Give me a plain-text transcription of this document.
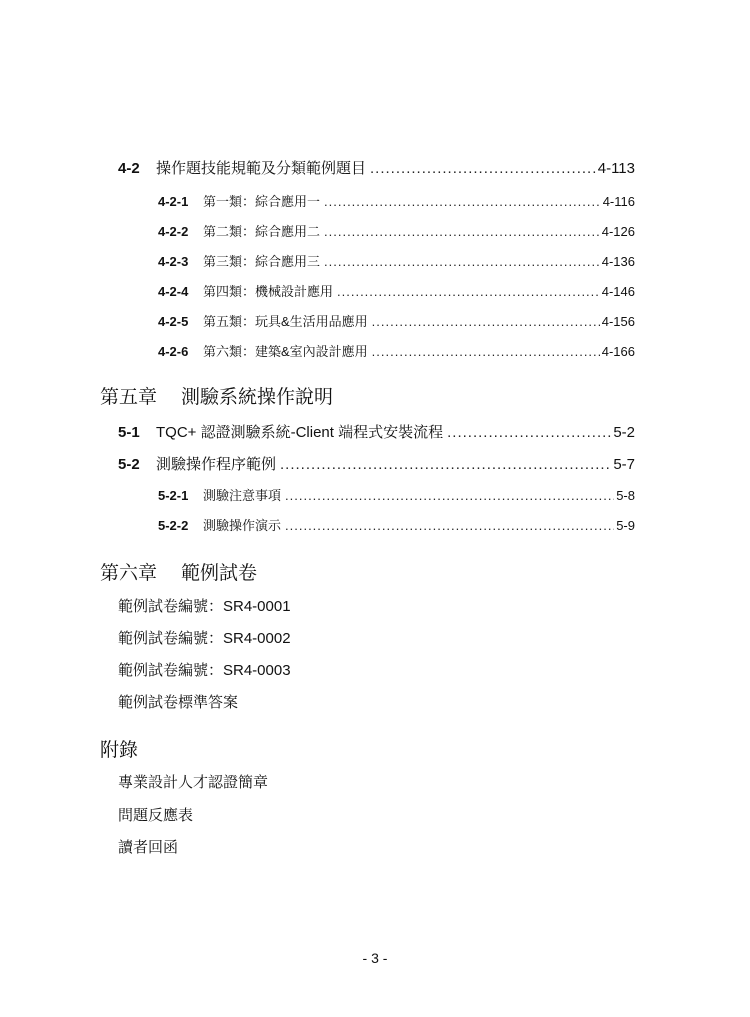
4-2	操作題技能規範及分類範例題目 .....	4-113
4-2-1	第一類：綜合應用一 .....	4-116
4-2-2	第二類：綜合應用二 .....	4-126
4-2-3	第三類：綜合應用三 .....	4-136
4-2-4	第四類：機械設計應用 .....	4-146
4-2-5	第五類：玩具&生活用品應用 .....	4-156
4-2-6	第六類：建築&室內設計應用 .....	4-166
第五章 測驗系統操作說明
5-1	TQC+ 認證測驗系統-Client 端程式安裝流程 .....	5-2
5-2	測驗操作程序範例 .....	5-7
5-2-1	測驗注意事項 .....	5-8
5-2-2	測驗操作演示 .....	5-9
第六章 範例試卷
範例試卷編號：SR4-0001
範例試卷編號：SR4-0002
範例試卷編號：SR4-0003
範例試卷標準答案
附錄
專業設計人才認證簡章
問題反應表
讀者回函
- 3 -
